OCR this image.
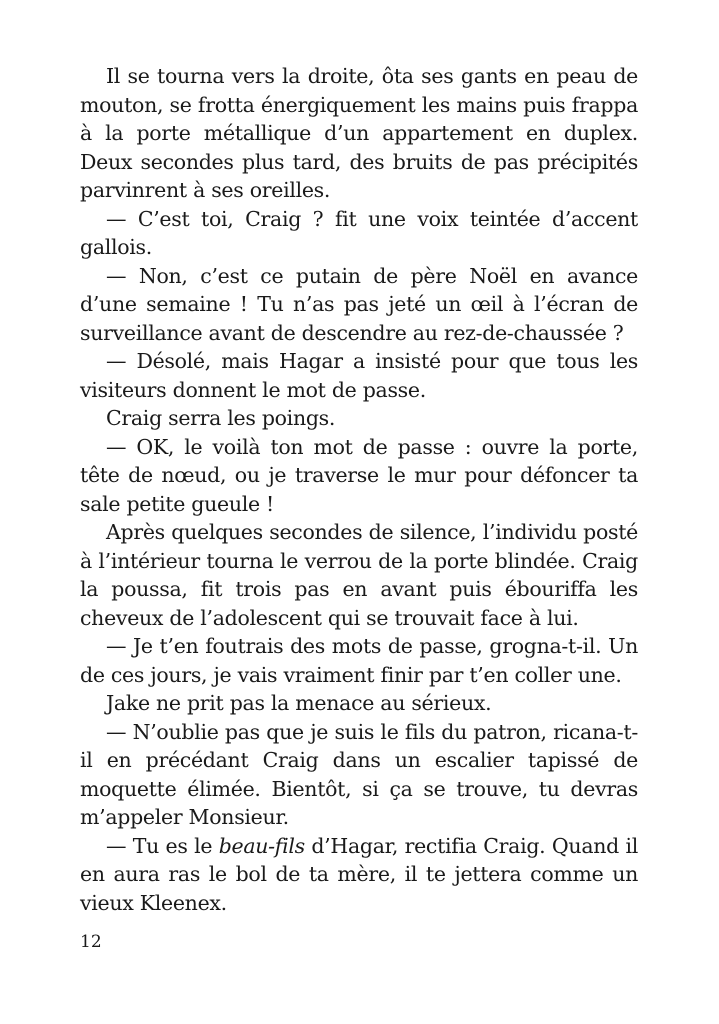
Il se tourna vers la droite, ôta ses gants en peau de mouton, se frotta énergiquement les mains puis frappa à la porte métallique d’un appartement en duplex. Deux secondes plus tard, des bruits de pas précipités parvinrent à ses oreilles.

— C’est toi, Craig ? fit une voix teintée d’accent gallois.

— Non, c’est ce putain de père Noël en avance d’une semaine ! Tu n’as pas jeté un œil à l’écran de surveillance avant de descendre au rez-de-chaussée ?

— Désolé, mais Hagar a insisté pour que tous les visiteurs donnent le mot de passe.

Craig serra les poings.

— OK, le voilà ton mot de passe : ouvre la porte, tête de nœud, ou je traverse le mur pour défoncer ta sale petite gueule !

Après quelques secondes de silence, l’individu posté à l’intérieur tourna le verrou de la porte blindée. Craig la poussa, fit trois pas en avant puis ébouriffa les cheveux de l’adolescent qui se trouvait face à lui.

— Je t’en foutrais des mots de passe, grogna-t-il. Un de ces jours, je vais vraiment finir par t’en coller une.

Jake ne prit pas la menace au sérieux.

— N’oublie pas que je suis le fils du patron, ricana-t-il en précédant Craig dans un escalier tapissé de moquette élimée. Bientôt, si ça se trouve, tu devras m’appeler Monsieur.

— Tu es le beau-fils d’Hagar, rectifia Craig. Quand il en aura ras le bol de ta mère, il te jettera comme un vieux Kleenex.

12
